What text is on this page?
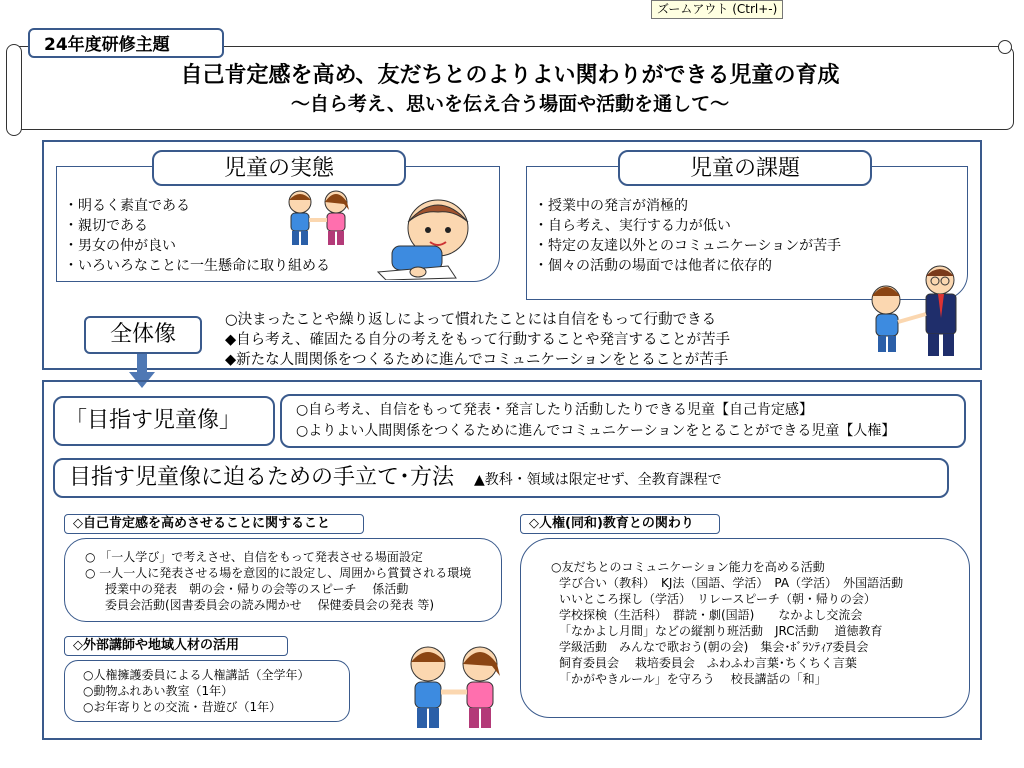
ズームアウト (Ctrl+-)
24年度研修主題
自己肯定感を高め、友だちとのよりよい関わりができる児童の育成
～自ら考え、思いを伝え合う場面や活動を通して～
児童の実態
・明るく素直である
・親切である
・男女の仲が良い
・いろいろなことに一生懸命に取り組める
児童の課題
・授業中の発言が消極的
・自ら考え、実行する力が低い
・特定の友達以外とのコミュニケーションが苦手
・個々の活動の場面では他者に依存的
全体像
○決まったことや繰り返しによって慣れたことには自信をもって行動できる
◆自ら考え、確固たる自分の考えをもって行動することや発言することが苦手
◆新たな人間関係をつくるために進んでコミュニケーションをとることが苦手
「目指す児童像」	○自ら考え、自信をもって発表・発言したり活動したりできる児童【自己肯定感】
○よりよい人間関係をつくるために進んでコミュニケーションをとることができる児童【人権】
目指す児童像に迫るための手立て･方法 ▲教科・領域は限定せず、全教育課程で
◇自己肯定感を高めさせることに関すること
○ 「一人学び」で考えさせ、自信をもって発表させる場面設定
○ 一人一人に発表させる場を意図的に設定し、周囲から賞賛される環境
授業中の発表　朝の会・帰りの会等のスピーチ　 係活動
委員会活動(図書委員会の読み聞かせ　 保健委員会の発表 等)
◇外部講師や地域人材の活用
○人権擁護委員による人権講話（全学年）
○動物ふれあい教室（1年）
○お年寄りとの交流・昔遊び（1年）
◇人権(同和)教育との関わり
○友だちとのコミュニケーション能力を高める活動
学び合い（教科）　KJ法（国語、学活）　PA（学活）　外国語活動
いいところ探し（学活）　リレースピーチ（朝・帰りの会）
学校探検（生活科）　群読・劇(国語)　　なかよし交流会
「なかよし月間」などの縦割り班活動　JRC活動　 道徳教育
学級活動　みんなで歌おう(朝の会)　集会･ﾎﾞﾗﾝﾃｨｱ委員会
飼育委員会　 栽培委員会　ふわふわ言葉･ちくちく言葉
「かがやきルール」を守ろう　 校長講話の「和」
